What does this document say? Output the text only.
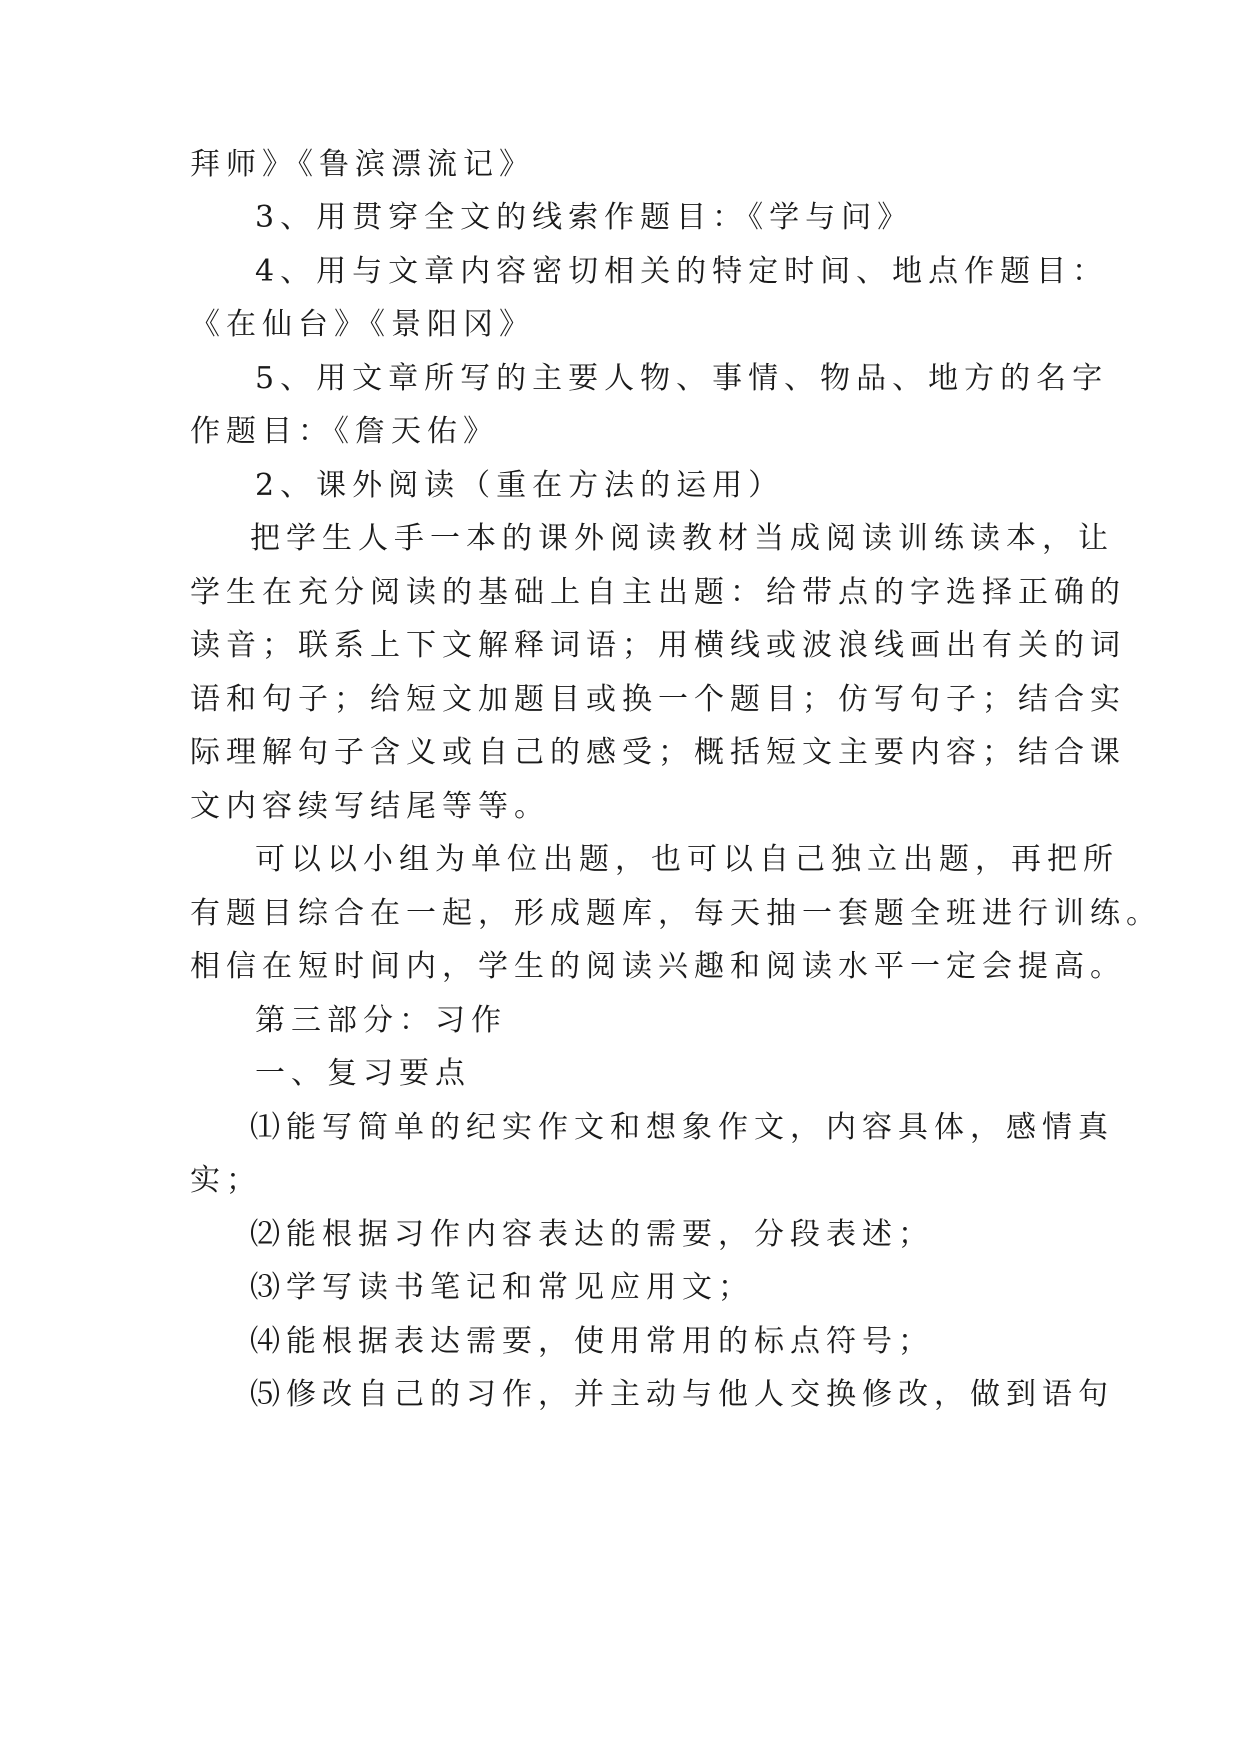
拜师》《鲁滨漂流记》
3、用贯穿全文的线索作题目：《学与问》
4、用与文章内容密切相关的特定时间、地点作题目：
《在仙台》《景阳冈》
5、用文章所写的主要人物、事情、物品、地方的名字
作题目：《詹天佑》
2、课外阅读（重在方法的运用）
把学生人手一本的课外阅读教材当成阅读训练读本，让
学生在充分阅读的基础上自主出题：给带点的字选择正确的
读音；联系上下文解释词语；用横线或波浪线画出有关的词
语和句子；给短文加题目或换一个题目；仿写句子；结合实
际理解句子含义或自己的感受；概括短文主要内容；结合课
文内容续写结尾等等。
可以以小组为单位出题，也可以自己独立出题，再把所
有题目综合在一起，形成题库，每天抽一套题全班进行训练。
相信在短时间内，学生的阅读兴趣和阅读水平一定会提高。
第三部分：习作
一、复习要点
⑴能写简单的纪实作文和想象作文，内容具体，感情真
实；
⑵能根据习作内容表达的需要，分段表述；
⑶学写读书笔记和常见应用文；
⑷能根据表达需要，使用常用的标点符号；
⑸修改自己的习作，并主动与他人交换修改，做到语句
